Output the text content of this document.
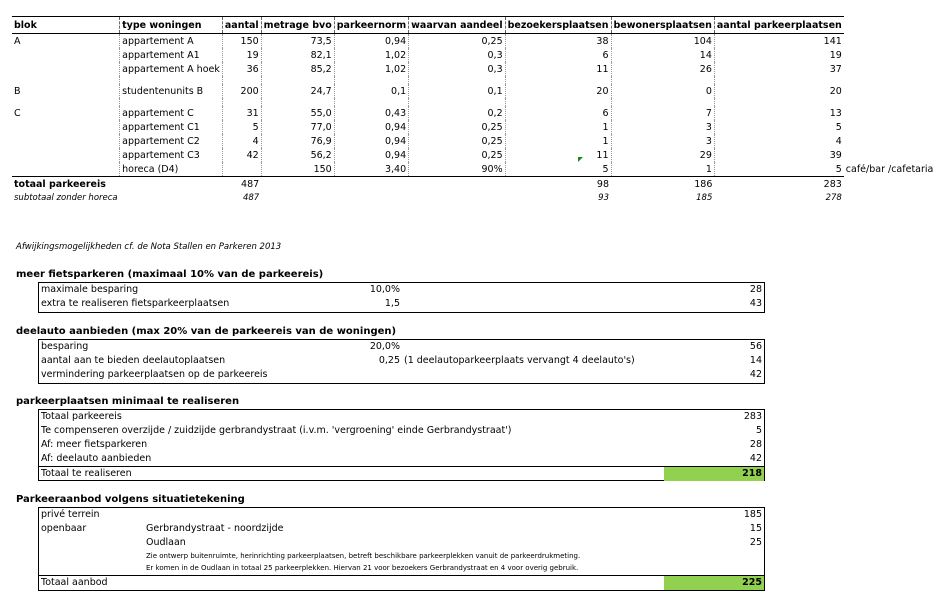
blok	type woningen	aantal	metrage bvo	parkeernorm	waarvan aandeel	bezoekersplaatsen	bewonersplaatsen	aantal parkeerplaatsen	
A	appartement A	150	73,5	0,94	0,25	38	104	141	
	appartement A1	19	82,1	1,02	0,3	6	14	19	
	appartement A hoek	36	85,2	1,02	0,3	11	26	37	

B	studentenunits B	200	24,7	0,1	0,1	20	0	20	

C	appartement C	31	55,0	0,43	0,2	6	7	13	
	appartement C1	5	77,0	0,94	0,25	1	3	5	
	appartement C2	4	76,9	0,94	0,25	1	3	4	
	appartement C3	42	56,2	0,94	0,25	11	29	39	
	horeca (D4)		150	3,40	90%	5	1	5	café/bar /cafetaria
totaal parkeereis		487				98	186	283	
subtotaal zonder horeca		487				93	185	278	
Afwijkingsmogelijkheden cf. de Nota Stallen en Parkeren 2013
meer fietsparkeren (maximaal 10% van de parkeereis)
maximale besparing	10,0%	28
extra te realiseren fietsparkeerplaatsen	1,5	43
deelauto aanbieden (max 20% van de parkeereis van de woningen)
besparing	20,0%	56
aantal aan te bieden deelautoplaatsen	0,25 (1 deelautoparkeerplaats vervangt 4 deelauto's)	14
vermindering parkeerplaatsen op de parkeereis	42
parkeerplaatsen minimaal te realiseren
Totaal parkeereis	283
Te compenseren overzijde / zuidzijde gerbrandystraat (i.v.m. 'vergroening' einde Gerbrandystraat')	5
Af: meer fietsparkeren	28
Af: deelauto aanbieden	42
Totaal te realiseren	218
Parkeeraanbod volgens situatietekening
privé terrein	185
openbaar	Gerbrandystraat - noordzijde	15
Oudlaan	25
Zie ontwerp buitenruimte, herinrichting parkeerplaatsen, betreft beschikbare parkeerplekken vanuit de parkeerdrukmeting.
Er komen in de Oudlaan in totaal 25 parkeerplekken. Hiervan 21 voor bezoekers Gerbrandystraat en 4 voor overig gebruik.
Totaal aanbod	225
